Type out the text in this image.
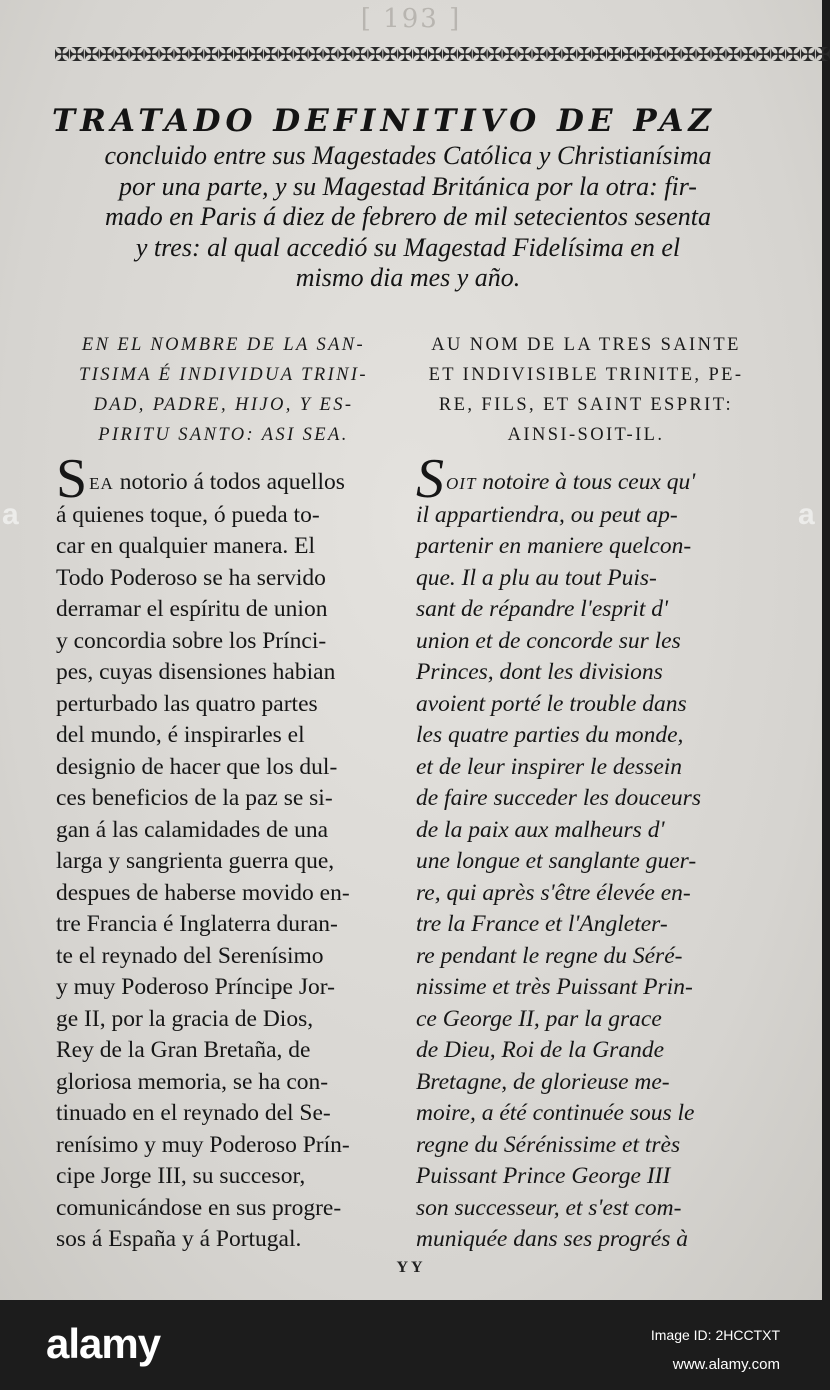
[ 193 ]
✠✠✠✠✠✠✠✠✠✠✠✠✠✠✠✠✠✠✠✠✠✠✠✠✠✠✠✠✠✠✠✠✠✠✠✠✠✠✠✠✠✠✠✠✠✠✠✠✠✠✠✠
TRATADO DEFINITIVO DE PAZ
concluido entre sus Magestades Católica y Christianísima
por una parte, y su Magestad Británica por la otra: fir-
mado en Paris á diez de febrero de mil setecientos sesenta
y tres: al qual accedió su Magestad Fidelísima en el
mismo dia mes y año.
EN EL NOMBRE DE LA SAN-
TISIMA É INDIVIDUA TRINI-
DAD, PADRE, HIJO, Y ES-
PIRITU SANTO: ASI SEA.
AU NOM DE LA TRES SAINTE
ET INDIVISIBLE TRINITE, PE-
RE, FILS, ET SAINT ESPRIT:
AINSI-SOIT-IL.
SEA notorio á todos aquellos
á quienes toque, ó pueda to-
car en qualquier manera. El
Todo Poderoso se ha servido
derramar el espíritu de union
y concordia sobre los Prínci-
pes, cuyas disensiones habian
perturbado las quatro partes
del mundo, é inspirarles el
designio de hacer que los dul-
ces beneficios de la paz se si-
gan á las calamidades de una
larga y sangrienta guerra que,
despues de haberse movido en-
tre Francia é Inglaterra duran-
te el reynado del Serenísimo
y muy Poderoso Príncipe Jor-
ge II, por la gracia de Dios,
Rey de la Gran Bretaña, de
gloriosa memoria, se ha con-
tinuado en el reynado del Se-
renísimo y muy Poderoso Prín-
cipe Jorge III, su succesor,
comunicándose en sus progre-
sos á España y á Portugal.
SOIT notoire à tous ceux qu'
il appartiendra, ou peut ap-
partenir en maniere quelcon-
que. Il a plu au tout Puis-
sant de répandre l'esprit d'
union et de concorde sur les
Princes, dont les divisions
avoient porté le trouble dans
les quatre parties du monde,
et de leur inspirer le dessein
de faire succeder les douceurs
de la paix aux malheurs d'
une longue et sanglante guer-
re, qui après s'être élevée en-
tre la France et l'Angleter-
re pendant le regne du Séré-
nissime et très Puissant Prin-
ce George II, par la grace
de Dieu, Roi de la Grande
Bretagne, de glorieuse me-
moire, a été continuée sous le
regne du Sérénissime et très
Puissant Prince George III
son successeur, et s'est com-
muniquée dans ses progrés à
YY
a	a
alamy	Image ID: 2HCCTXT
www.alamy.com
